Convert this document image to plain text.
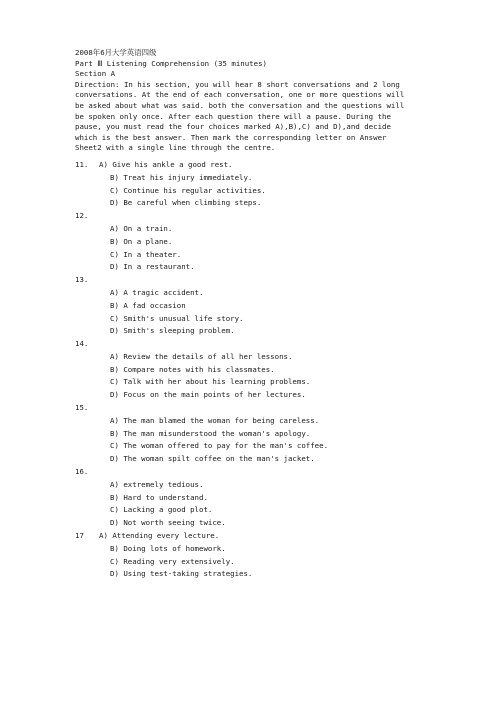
2008年6月大学英语四级
Part Ⅲ Listening Comprehension (35 minutes)
Section A
Direction: In his section, you will hear 8 short conversations and 2 long
conversations. At the end of each conversation, one or more questions will
be asked about what was said. both the conversation and the questions will
be spoken only once. After each question there will a pause. During the
pause, you must read the four choices marked A),B),C) and D),and decide
which is the best answer. Then mark the corresponding letter on Answer
Sheet2 with a single line through the centre.
11. A) Give his ankle a good rest.
B) Treat his injury immediately.
C) Continue his regular activities.
D) Be careful when climbing steps.
12.
A) On a train.
B) On a plane.
C) In a theater.
D) In a restaurant.
13.
A) A tragic accident.
B) A fad occasion
C) Smith's unusual life story.
D) Smith's sleeping problem.
14.
A) Review the details of all her lessons.
B) Compare notes with his classmates.
C) Talk with her about his learning problems.
D) Focus on the main points of her lectures.
15.
A) The man blamed the woman for being careless.
B) The man misunderstood the woman's apology.
C) The woman offered to pay for the man's coffee.
D) The woman spilt coffee on the man's jacket.
16.
A) extremely tedious.
B) Hard to understand.
C) Lacking a good plot.
D) Not worth seeing twice.
17 A) Attending every lecture.
B) Doing lots of homework.
C) Reading very extensively.
D) Using test-taking strategies.
